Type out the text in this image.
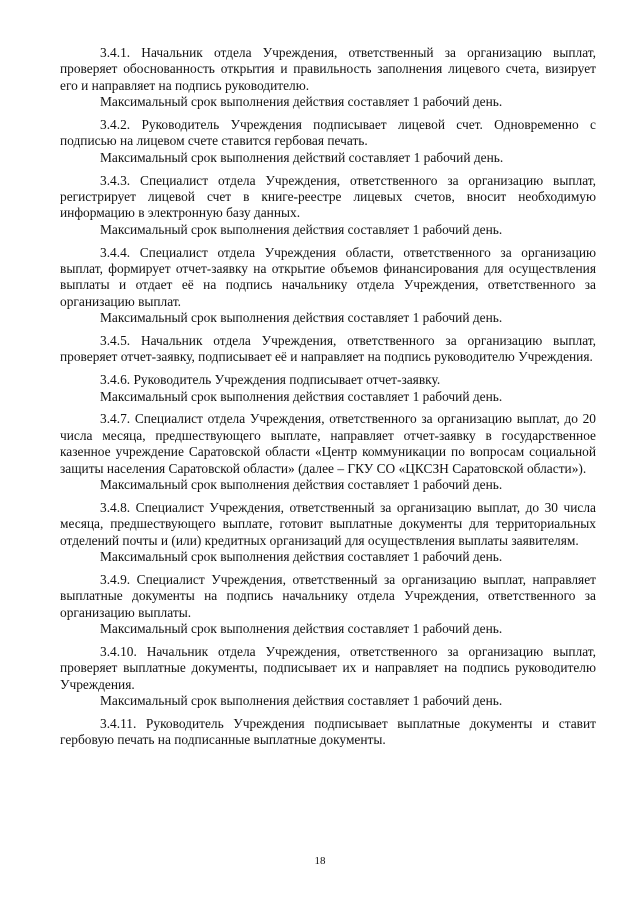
3.4.1. Начальник отдела Учреждения, ответственный за организацию выплат, проверяет обоснованность открытия и правильность заполнения лицевого счета, визирует его и направляет на подпись руководителю.

Максимальный срок выполнения действия составляет 1 рабочий день.

3.4.2. Руководитель Учреждения подписывает лицевой счет. Одновременно с подписью на лицевом счете ставится гербовая печать.

Максимальный срок выполнения действий составляет 1 рабочий день.

3.4.3. Специалист отдела Учреждения, ответственного за организацию выплат, регистрирует лицевой счет в книге-реестре лицевых счетов, вносит необходимую информацию в электронную базу данных.

Максимальный срок выполнения действия составляет 1 рабочий день.

3.4.4. Специалист отдела Учреждения области, ответственного за организацию выплат, формирует отчет-заявку на открытие объемов финансирования для осуществления выплаты и отдает её на подпись начальнику отдела Учреждения, ответственного за организацию выплат.

Максимальный срок выполнения действия составляет 1 рабочий день.

3.4.5. Начальник отдела Учреждения, ответственного за организацию выплат, проверяет отчет-заявку, подписывает её и направляет на подпись руководителю Учреждения.

3.4.6. Руководитель Учреждения подписывает отчет-заявку.

Максимальный срок выполнения действия составляет 1 рабочий день.

3.4.7. Специалист отдела Учреждения, ответственного за организацию выплат, до 20 числа месяца, предшествующего выплате, направляет отчет-заявку в государственное казенное учреждение Саратовской области «Центр коммуникации по вопросам социальной защиты населения Саратовской области» (далее – ГКУ СО «ЦКСЗН Саратовской области»).

Максимальный срок выполнения действия составляет 1 рабочий день.

3.4.8. Специалист Учреждения, ответственный за организацию выплат, до 30 числа месяца, предшествующего выплате, готовит выплатные документы для территориальных отделений почты и (или) кредитных организаций для осуществления выплаты заявителям.

Максимальный срок выполнения действия составляет 1 рабочий день.

3.4.9. Специалист Учреждения, ответственный за организацию выплат, направляет выплатные документы на подпись начальнику отдела Учреждения, ответственного за организацию выплаты.

Максимальный срок выполнения действия составляет 1 рабочий день.

3.4.10. Начальник отдела Учреждения, ответственного за организацию выплат, проверяет выплатные документы, подписывает их и направляет на подпись руководителю Учреждения.

Максимальный срок выполнения действия составляет 1 рабочий день.

3.4.11. Руководитель Учреждения подписывает выплатные документы и ставит гербовую печать на подписанные выплатные документы.

18
